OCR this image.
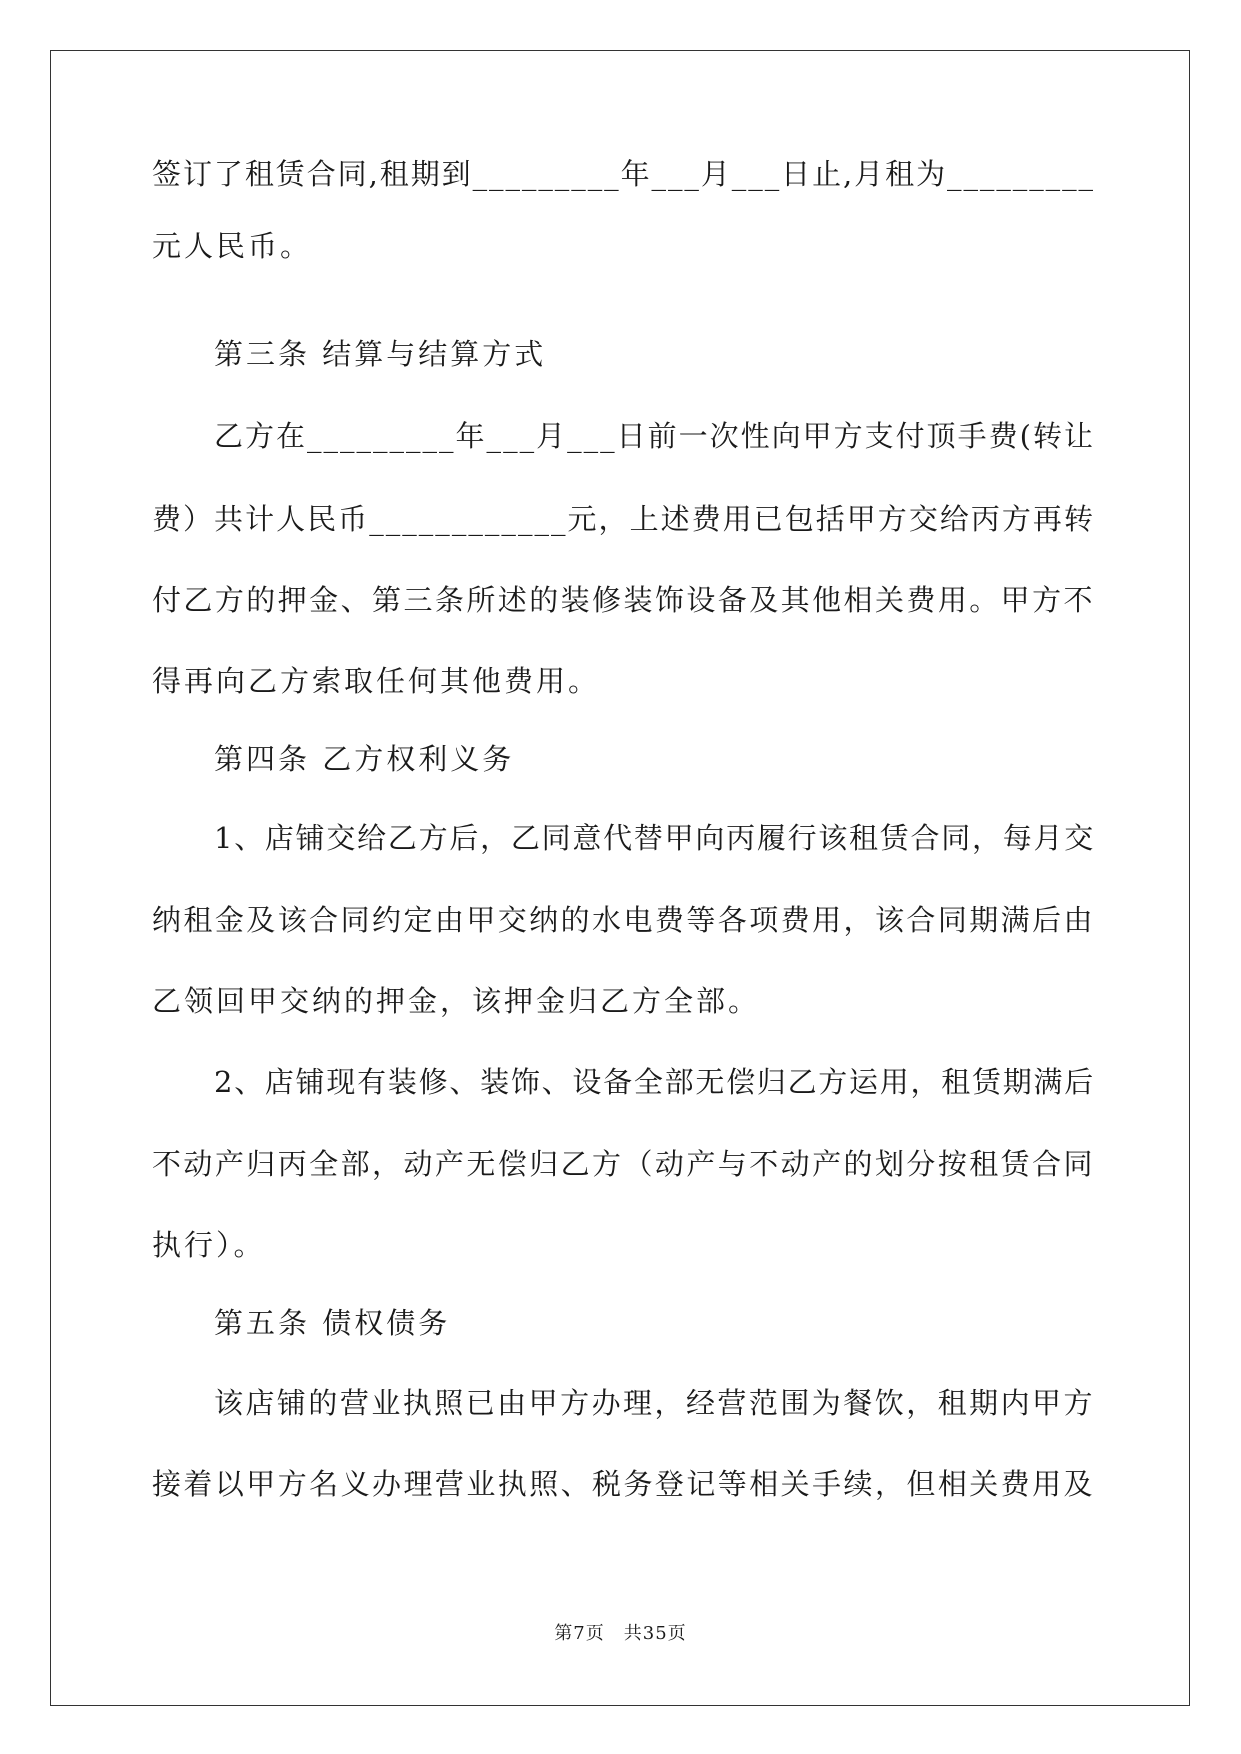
签订了租赁合同,租期到_________年___月___日止,月租为_________
元人民币。
第三条 结算与结算方式
乙方在_________年___月___日前一次性向甲方支付顶手费(转让
费）共计人民币____________元，上述费用已包括甲方交给丙方再转
付乙方的押金、第三条所述的装修装饰设备及其他相关费用。甲方不
得再向乙方索取任何其他费用。
第四条 乙方权利义务
1、店铺交给乙方后，乙同意代替甲向丙履行该租赁合同，每月交
纳租金及该合同约定由甲交纳的水电费等各项费用，该合同期满后由
乙领回甲交纳的押金，该押金归乙方全部。
2、店铺现有装修、装饰、设备全部无偿归乙方运用，租赁期满后
不动产归丙全部，动产无偿归乙方（动产与不动产的划分按租赁合同
执行）。
第五条 债权债务
该店铺的营业执照已由甲方办理，经营范围为餐饮，租期内甲方
接着以甲方名义办理营业执照、税务登记等相关手续，但相关费用及
第7页　共35页
